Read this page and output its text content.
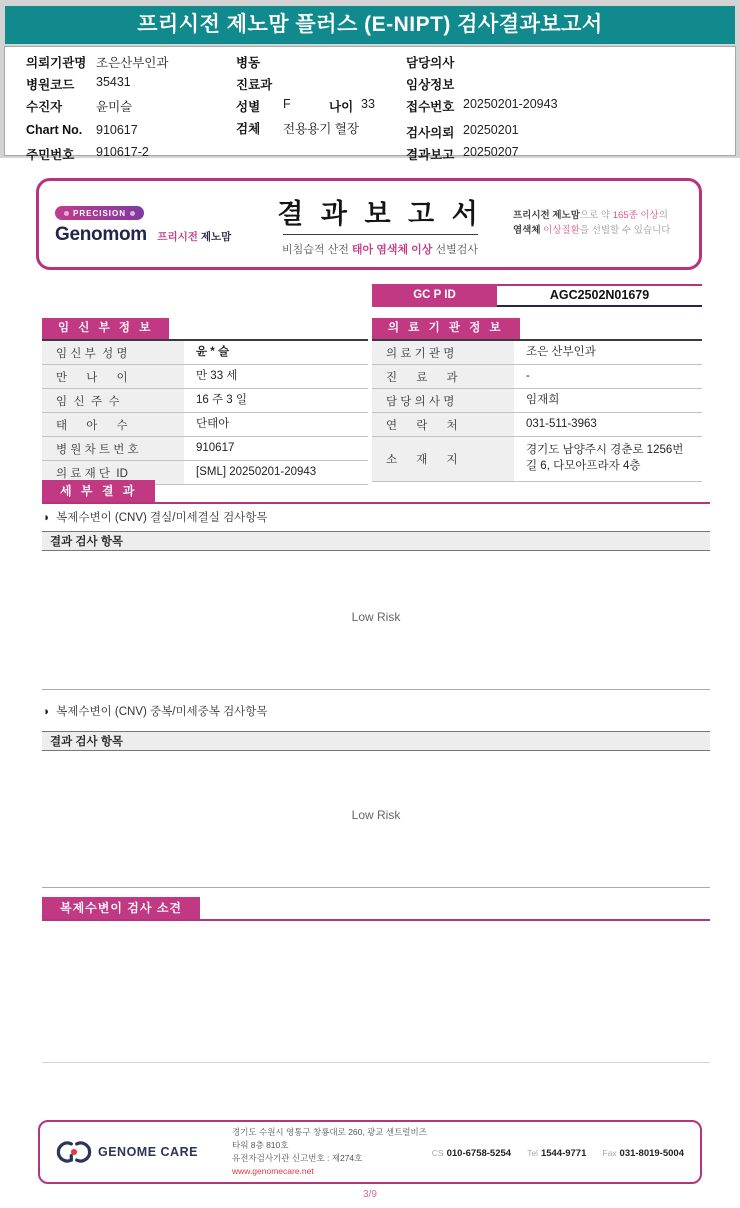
프리시전 제노맘 플러스 (E-NIPT) 검사결과보고서
의뢰기관명 조은산부인과
병원코드 35431
수진자	윤미슬
Chart No. 910617
주민번호 910617-2
병동
진료과
성별 F	나이 33
검체 전용용기 혈장
담당의사
임상정보
접수번호 20250201-20943
검사의뢰 20250201
결과보고 20250207
PRECISION
Genomom 프리시전 제노맘
결 과 보 고 서
비침습적 산전 태아 염색체 이상 선별검사
프리시전 제노맘으로 약 165종 이상의
염색체 이상질환을 선별할 수 있습니다
GC P ID	AGC2502N01679
임 신 부 정 보
임 신 부  성 명	윤 * 슬
만      나      이	만 33 세
임  신  주  수	16 주 3 일
태      아      수	단태아
병 원 차 트 번 호	910617
의 료 재 단  ID	[SML] 20250201-20943
의 료 기 관 정 보
의 료 기 관 명	조은 산부인과
진      료      과	-
담 당 의 사 명	임재희
연      락      처	031-511-3963
소      재      지
경기도 남양주시 경춘로 1256번길 6, 다모아프라자 4층
세 부 결 과
◑ 복제수변이 (CNV) 결실/미세결실 검사항목
결과 검사 항목
Low Risk
◑ 복제수변이 (CNV) 중복/미세중복 검사항목
결과 검사 항목
Low Risk
복제수변이 검사 소견
GENOME CARE
경기도 수원시 영통구 창룡대로 260, 광교 센트럴비즈타워 8층 810호
유전자검사기관 신고번호 : 제274호
www.genomecare.net
CS 010-6758-5254 Tel 1544-9771 Fax 031-8019-5004
3/9
